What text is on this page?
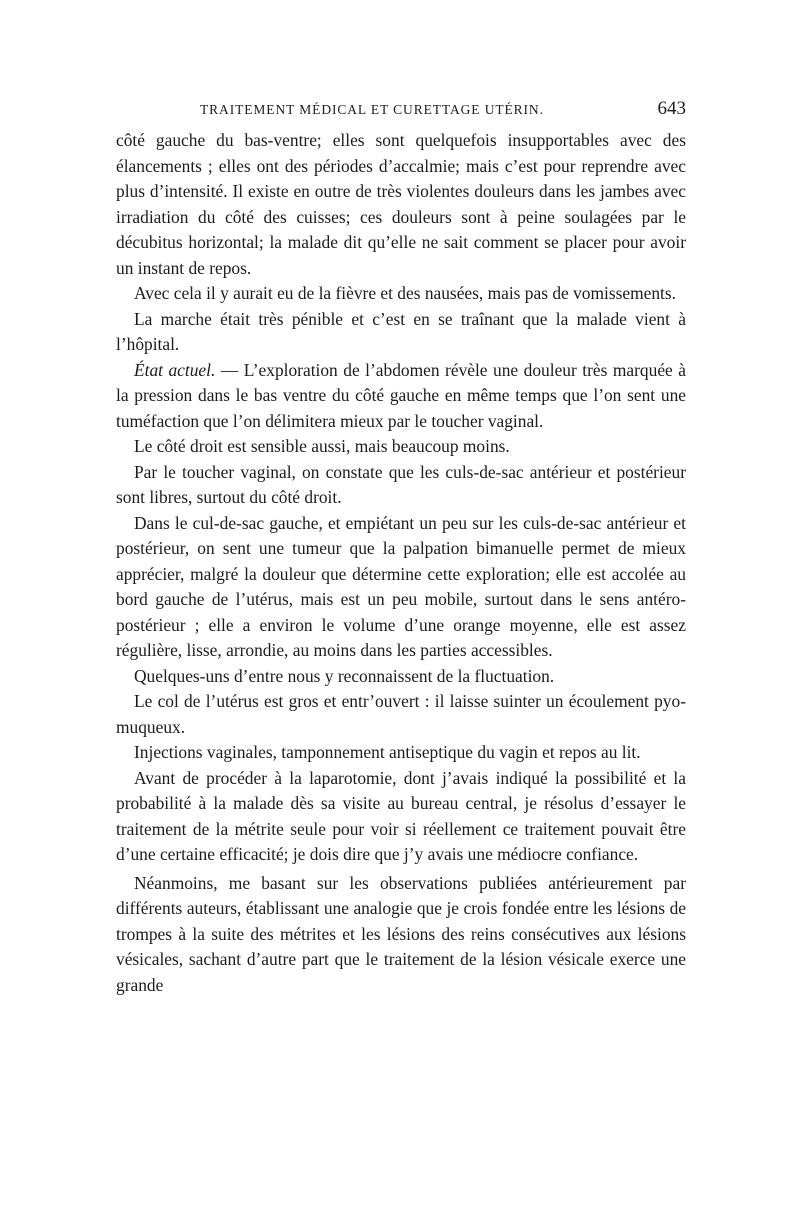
TRAITEMENT MÉDICAL ET CURETTAGE UTÉRIN.	643

côté gauche du bas-ventre; elles sont quelquefois insupportables avec des élancements ; elles ont des périodes d’accalmie; mais c’est pour reprendre avec plus d’intensité. Il existe en outre de très violentes douleurs dans les jambes avec irradiation du côté des cuisses; ces douleurs sont à peine soulagées par le décubitus horizontal; la malade dit qu’elle ne sait comment se placer pour avoir un instant de repos.

Avec cela il y aurait eu de la fièvre et des nausées, mais pas de vomissements.

La marche était très pénible et c’est en se traînant que la malade vient à l’hôpital.

État actuel. — L’exploration de l’abdomen révèle une douleur très marquée à la pression dans le bas ventre du côté gauche en même temps que l’on sent une tuméfaction que l’on délimitera mieux par le toucher vaginal.

Le côté droit est sensible aussi, mais beaucoup moins.

Par le toucher vaginal, on constate que les culs-de-sac antérieur et postérieur sont libres, surtout du côté droit.

Dans le cul-de-sac gauche, et empiétant un peu sur les culs-de-sac antérieur et postérieur, on sent une tumeur que la palpation bimanuelle permet de mieux apprécier, malgré la douleur que détermine cette exploration; elle est accolée au bord gauche de l’utérus, mais est un peu mobile, surtout dans le sens antéro-postérieur ; elle a environ le volume d’une orange moyenne, elle est assez régulière, lisse, arrondie, au moins dans les parties accessibles.

Quelques-uns d’entre nous y reconnaissent de la fluctuation.

Le col de l’utérus est gros et entr’ouvert : il laisse suinter un écoulement pyo-muqueux.

Injections vaginales, tamponnement antiseptique du vagin et repos au lit.

Avant de procéder à la laparotomie, dont j’avais indiqué la possibilité et la probabilité à la malade dès sa visite au bureau central, je résolus d’essayer le traitement de la métrite seule pour voir si réellement ce traitement pouvait être d’une certaine efficacité; je dois dire que j’y avais une médiocre confiance.

Néanmoins, me basant sur les observations publiées antérieurement par différents auteurs, établissant une analogie que je crois fondée entre les lésions de trompes à la suite des métrites et les lésions des reins consécutives aux lésions vésicales, sachant d’autre part que le traitement de la lésion vésicale exerce une grande
